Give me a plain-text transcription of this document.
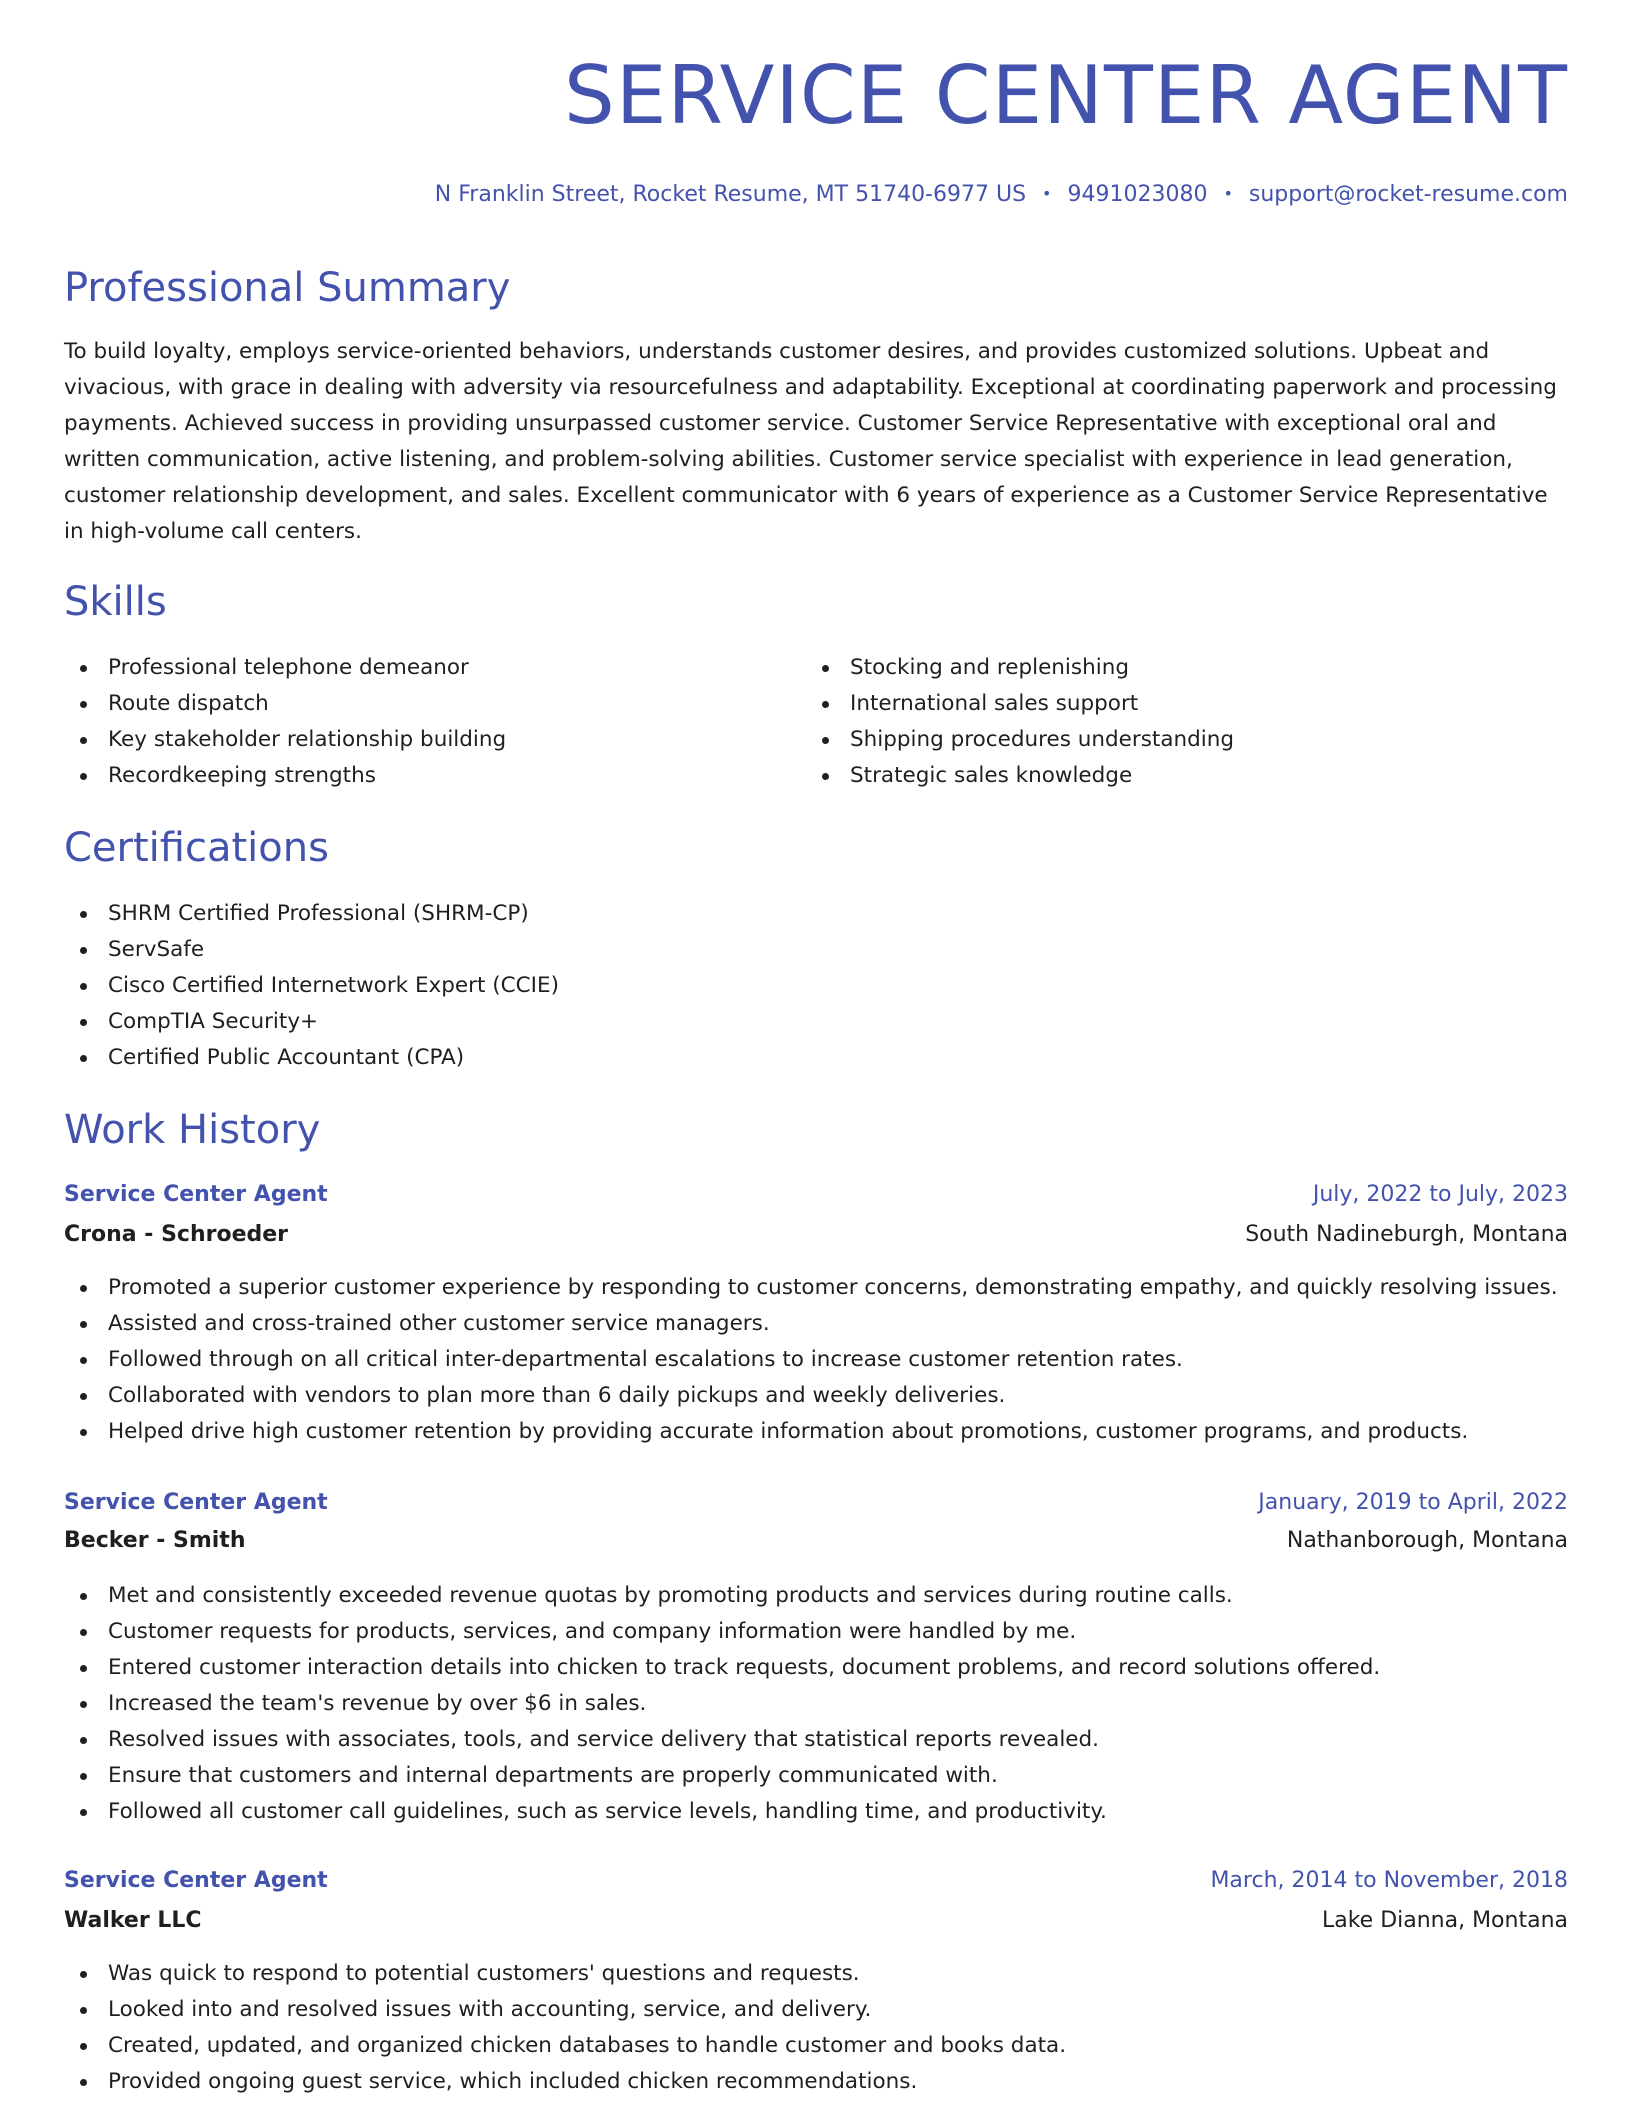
SERVICE CENTER AGENT
N Franklin Street, Rocket Resume, MT 51740-6977 US • 9491023080 • support@rocket-resume.com
Professional Summary

To build loyalty, employs service-oriented behaviors, understands customer desires, and provides customized solutions. Upbeat and vivacious, with grace in dealing with adversity via resourcefulness and adaptability. Exceptional at coordinating paperwork and processing payments. Achieved success in providing unsurpassed customer service. Customer Service Representative with exceptional oral and written communication, active listening, and problem-solving abilities. Customer service specialist with experience in lead generation, customer relationship development, and sales. Excellent communicator with 6 years of experience as a Customer Service Representative in high-volume call centers.

Skills
Professional telephone demeanor
Route dispatch
Key stakeholder relationship building
Recordkeeping strengths
Stocking and replenishing
International sales support
Shipping procedures understanding
Strategic sales knowledge
Certifications
SHRM Certified Professional (SHRM-CP)
ServSafe
Cisco Certified Internetwork Expert (CCIE)
CompTIA Security+
Certified Public Accountant (CPA)
Work History
Service Center Agent	July, 2022 to July, 2023
Crona - Schroeder	South Nadineburgh, Montana
Promoted a superior customer experience by responding to customer concerns, demonstrating empathy, and quickly resolving issues.
Assisted and cross-trained other customer service managers.
Followed through on all critical inter-departmental escalations to increase customer retention rates.
Collaborated with vendors to plan more than 6 daily pickups and weekly deliveries.
Helped drive high customer retention by providing accurate information about promotions, customer programs, and products.
Service Center Agent	January, 2019 to April, 2022
Becker - Smith	Nathanborough, Montana
Met and consistently exceeded revenue quotas by promoting products and services during routine calls.
Customer requests for products, services, and company information were handled by me.
Entered customer interaction details into chicken to track requests, document problems, and record solutions offered.
Increased the team's revenue by over $6 in sales.
Resolved issues with associates, tools, and service delivery that statistical reports revealed.
Ensure that customers and internal departments are properly communicated with.
Followed all customer call guidelines, such as service levels, handling time, and productivity.
Service Center Agent	March, 2014 to November, 2018
Walker LLC	Lake Dianna, Montana
Was quick to respond to potential customers' questions and requests.
Looked into and resolved issues with accounting, service, and delivery.
Created, updated, and organized chicken databases to handle customer and books data.
Provided ongoing guest service, which included chicken recommendations.
